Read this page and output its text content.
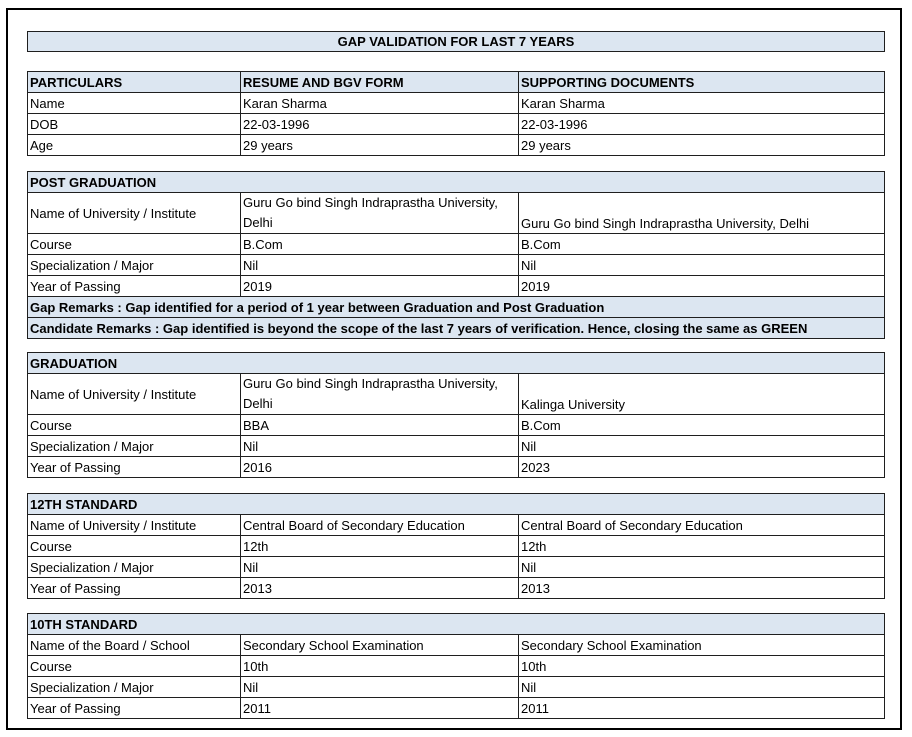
GAP VALIDATION FOR LAST 7 YEARS
PARTICULARS	RESUME AND BGV FORM	SUPPORTING DOCUMENTS
Name	Karan Sharma	Karan Sharma
DOB	22-03-1996	22-03-1996
Age	29 years	29 years
POST GRADUATION		
Name of University / Institute	Guru Go bind Singh Indraprastha University, Delhi	Guru Go bind Singh Indraprastha University, Delhi
Course	B.Com	B.Com
Specialization / Major	Nil	Nil
Year of Passing	2019	2019
Gap Remarks : Gap identified for a period of 1 year between Graduation and Post Graduation		
Candidate Remarks : Gap identified is beyond the scope of the last 7 years of verification. Hence, closing the same as GREEN		
GRADUATION		
Name of University / Institute	Guru Go bind Singh Indraprastha University, Delhi	Kalinga University
Course	BBA	B.Com
Specialization / Major	Nil	Nil
Year of Passing	2016	2023
12TH STANDARD		
Name of University / Institute	Central Board of Secondary Education	Central Board of Secondary Education
Course	12th	12th
Specialization / Major	Nil	Nil
Year of Passing	2013	2013
10TH STANDARD		
Name of the Board / School	Secondary School Examination	Secondary School Examination
Course	10th	10th
Specialization / Major	Nil	Nil
Year of Passing	2011	2011
